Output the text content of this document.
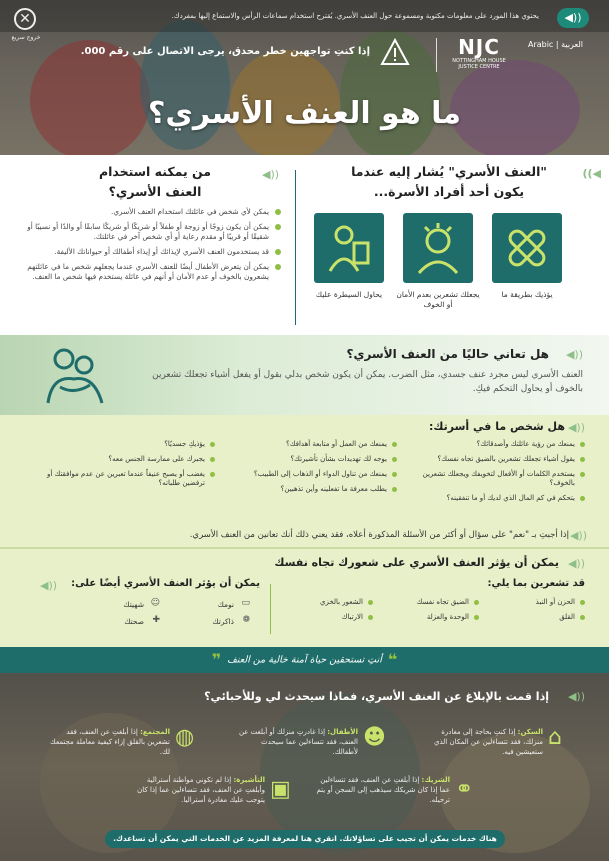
✕
خروج سريع
يحتوي هذا المورد على معلومات مكتوبة ومسموعة حول العنف الأسري. يُقترح استخدام سماعات الرأس والاستماع إليها بمفردك.	◀))
Arabic | العربية
NJC
NOTTINGHAM HOUSE
JUSTICE CENTRE
إذا كنتِ تواجهين خطر محدق، يرجى الاتصال على رقم 000.
ما هو العنف الأسري؟
◀))
"العنف الأسري" يُشار إليه عندما
يكون أحد أفراد الأسرة...
يؤذيك بطريقة ما
يجعلك تشعرين بعدم الأمان أو الخوف
يحاول السيطرة عليك
من يمكنه استخدام
العنف الأسري؟
◀))
يمكن لأي شخص في عائلتك استخدام العنف الأسري.
يمكن أن يكون زوجًا أو زوجة أو طفلاً أو شريكًا أو شريكًا سابقًا أو والدًا أو نسيبًا أو شقيقًا أو قريبًا أو مقدم رعاية أو أي شخص آخر في عائلتك.
قد يستخدمون العنف الأسري لإيذائك أو إيذاء أطفالك أو حيواناتك الأليفة.
يمكن أن يتعرض الأطفال أيضًا للعنف الأسري عندما يجعلهم شخص ما في عائلتهم يشعرون بالخوف أو عدم الأمان أو أنهم في عائلة يستخدم فيها شخص ما العنف.
◀))
هل تعاني حاليًا من العنف الأسري؟
العنف الأسري ليس مجرد عنف جسدي، مثل الضرب. يمكن أن يكون شخص بدلي بقول أو يفعل أشياء تجعلك تشعرين بالخوف أو يحاول التحكم فيكِ.
◀))
هل شخص ما في أسرتك:
يمنعك من رؤية عائلتك وأصدقائك؟
يقول أشياء تجعلك تشعرين بالضيق تجاه نفسك؟
يستخدم الكلمات أو الأفعال لتخويفك ويجعلك تشعرين بالخوف؟
يتحكم في كم المال الذي لديك أو ما تنفقينه؟
يمنعك من العمل أو متابعة أهدافك؟
يوجه لك تهديدات بشأن تأشيرتك؟
يمنعك من تناول الدواء أو الذهاب إلى الطبيب؟
يطلب معرفة ما تفعلينه وأين تذهبين؟
يؤذيكِ جسديًا؟
يجبرك على ممارسة الجنس معه؟
يغضب أو يصبح عنيفاً عندما تعبرين عن عدم موافقتك أو ترفضين طلباته؟
◀))
إذا أجبتِ بـ "نعم" على سؤال أو أكثر من الأسئلة المذكورة أعلاه، فقد يعني ذلك أنك تعانين من العنف الأسري.
◀))
يمكن أن يؤثر العنف الأسري على شعورك تجاه نفسك
قد تشعرين بما يلي:
الحزن أو النبذ
القلق
الضيق تجاه نفسك
الوحدة والعزلة
الشعور بالخزي
الارتباك
◀))	يمكن أن يؤثر العنف الأسري أيضًا على:
▭
نومك
❁
ذاكرتك
☺
شهيتك
✚
صحتك
❝أنتِ تستحقين حياة آمنة خالية من العنف❞
◀))
إذا قمت بالإبلاغ عن العنف الأسري، فماذا سيحدث لي وللأحبائي؟
⌂
السكن: إذا كنتِ بحاجة إلى مغادرة منزلك، فقد تتساءلين عن المكان الذي ستعيشين فيه.
☻
الأطفال: إذا غادرتِ منزلك أو أبلغت عن العنف، فقد تتساءلين عما سيحدث لأطفالك.
◍
المجتمع: إذا أبلغتِ عن العنف، فقد تشعرين بالقلق إزاء كيفية معاملة مجتمعك لك.
⚭
الشريك: إذا أبلغتِ عن العنف، فقد تتساءلين عما إذا كان شريكك سيذهب إلى السجن أو يتم ترحيله.
▣
التأشيرة: إذا لم تكوني مواطنة أسترالية وأبلغتِ عن العنف، فقد تتساءلين عما إذا كان يتوجب عليك مغادرة أستراليا.
هناك خدمات يمكن أن تجيب على تساؤلاتك. انقري هنا لمعرفة المزيد عن الخدمات التي يمكن أن تساعدك.
